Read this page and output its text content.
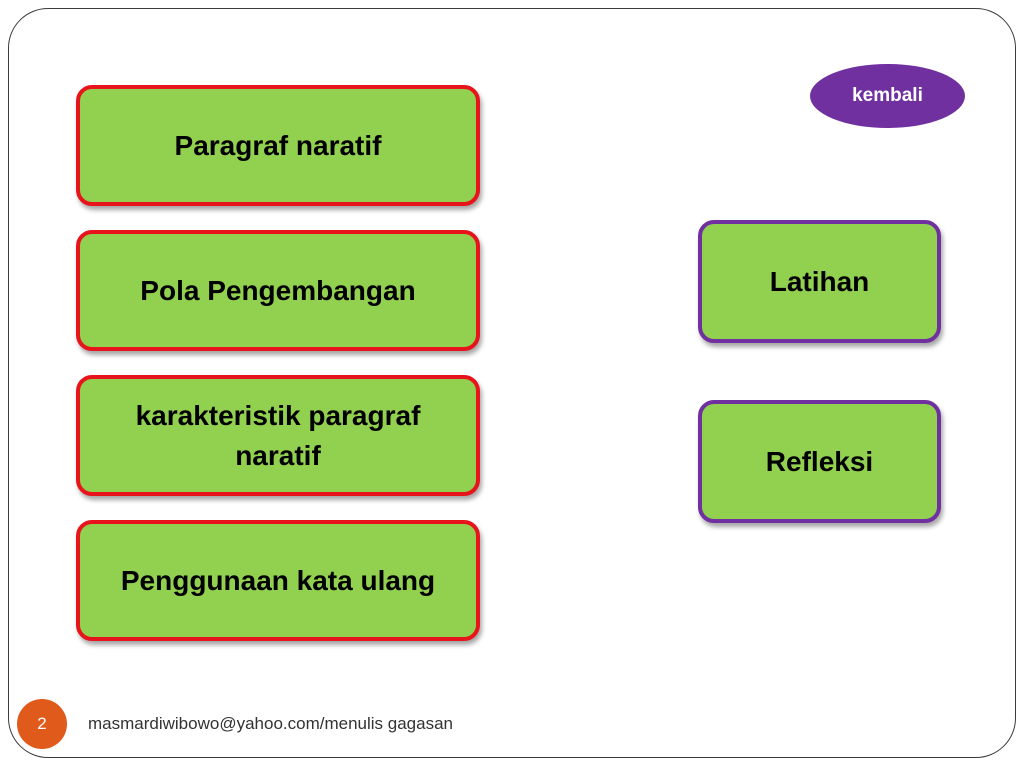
kembali
Paragraf naratif
Pola Pengembangan
karakteristik paragraf naratif
Penggunaan kata ulang
Latihan
Refleksi
2	masmardiwibowo@yahoo.com/menulis gagasan
